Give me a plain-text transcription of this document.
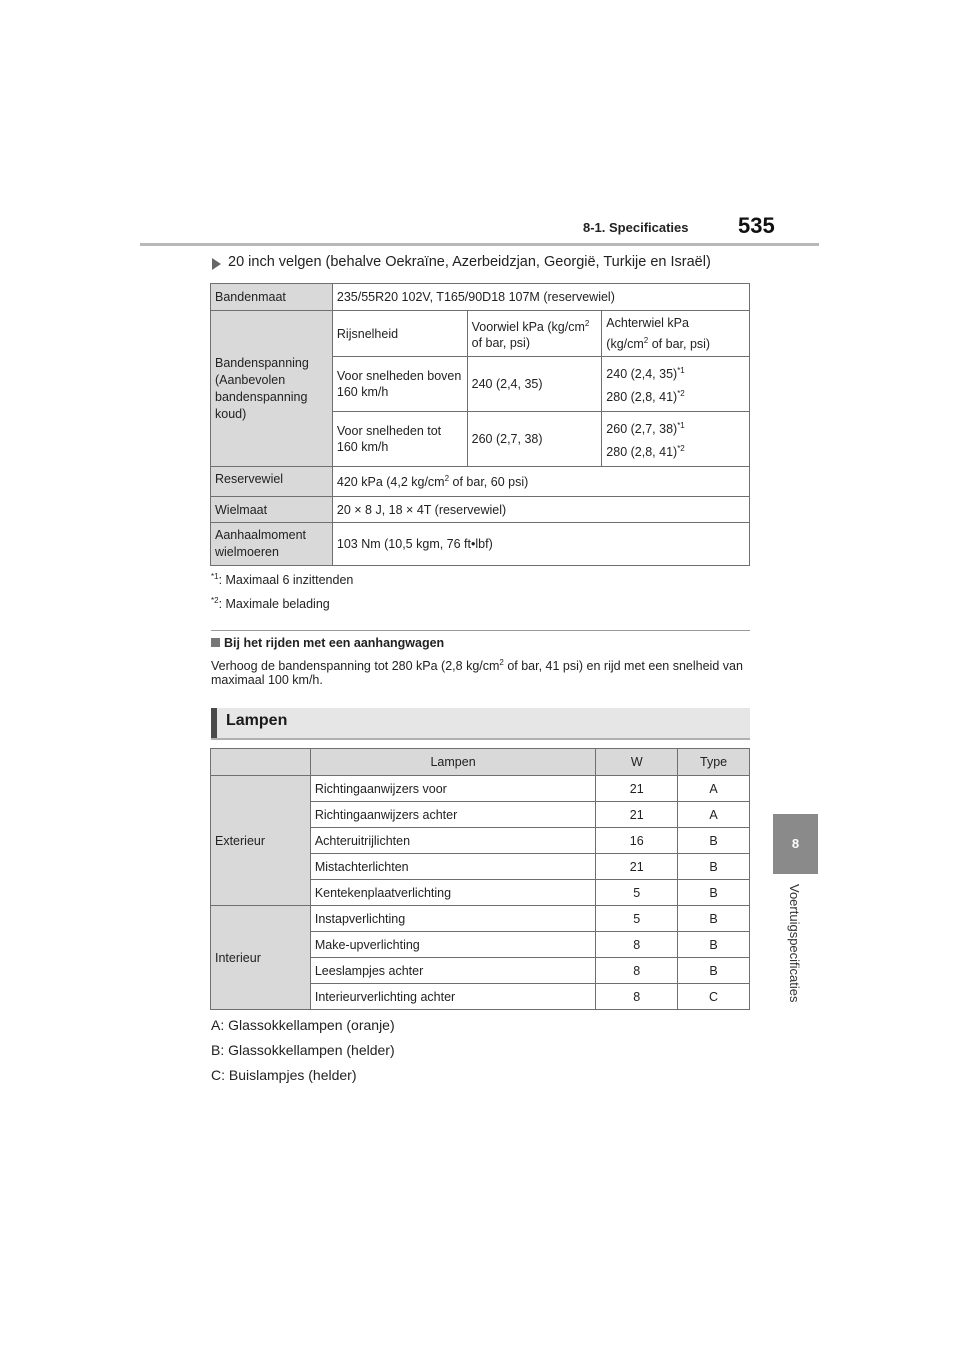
8-1. Specificaties 535
8
Voertuigspecificaties
20 inch velgen (behalve Oekraïne, Azerbeidzjan, Georgië, Turkije en Israël)
Bandenmaat	235/55R20 102V, T165/90D18 107M (reservewiel)		

Bandenspanning (Aanbevolen bandenspanning koud)	Rijsnelheid	Voorwiel kPa ($kg/cm^2$ of bar, psi)	Achterwiel kPa
($kg/cm^2$ of bar, psi)
	Voor snelheden boven 160 km/h	240 (2,4, 35)	240 (2,4, 35)$^{*1}$
280 (2,8, 41)$^{*2}$
	Voor snelheden tot 160 km/h	260 (2,7, 38)	260 (2,7, 38)$^{*1}$
280 (2,8, 41)$^{*2}$
Reservewiel	420 kPa (4,2 $kg/cm^2$ of bar, 60 psi)		
Wielmaat	20 × 8 J, 18 × 4T (reservewiel)		
Aanhaalmoment wielmoeren	103 Nm (10,5 kgm, 76 ft•lbf)		
$^{*1}$: Maximaal 6 inzittenden
$^{*2}$: Maximale belading
Bij het rijden met een aanhangwagen
Verhoog de bandenspanning tot 280 kPa (2,8 $kg/cm^2$ of bar, 41 psi) en rijd met een snelheid van maximaal 100 km/h.
Lampen
	Lampen	W	Type
Exterieur	Richtingaanwijzers voor	21	A
	Richtingaanwijzers achter	21	A
	Achteruitrijlichten	16	B
	Mistachterlichten	21	B
	Kentekenplaatverlichting	5	B
Interieur	Instapverlichting	5	B
	Make-upverlichting	8	B
	Leeslampjes achter	8	B
	Interieurverlichting achter	8	C
A: Glassokkellampen (oranje)
B: Glassokkellampen (helder)
C: Buislampjes (helder)
